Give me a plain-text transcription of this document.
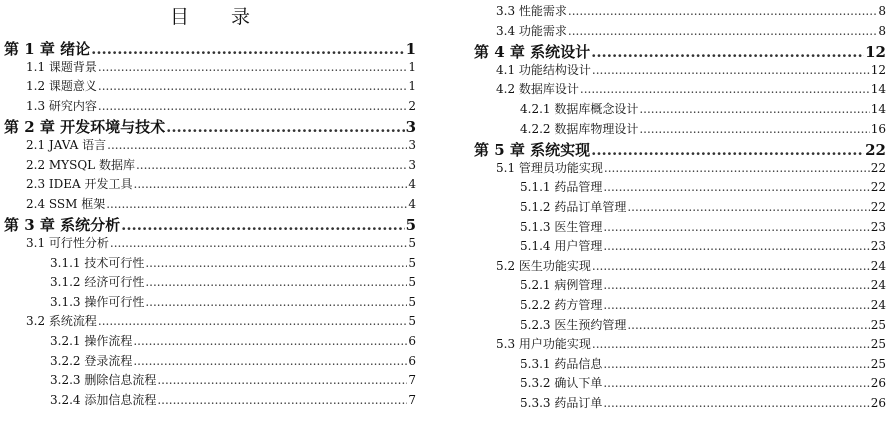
目 录
第 1 章 绪论 .....	1
1.1 课题背景 .....	1
1.2 课题意义 .....	1
1.3 研究内容 .....	2
第 2 章 开发环境与技术 .....	3
2.1 JAVA 语言 .....	3
2.2 MYSQL 数据库 .....	3
2.3 IDEA 开发工具 .....	4
2.4 SSM 框架 .....	4
第 3 章 系统分析 .....	5
3.1 可行性分析 .....	5
3.1.1 技术可行性 .....	5
3.1.2 经济可行性 .....	5
3.1.3 操作可行性 .....	5
3.2 系统流程 .....	5
3.2.1 操作流程 .....	6
3.2.2 登录流程 .....	6
3.2.3 删除信息流程 .....	7
3.2.4 添加信息流程 .....	7
3.3 性能需求 .....	8
3.4 功能需求 .....	8
第 4 章 系统设计 .....	12
4.1 功能结构设计 .....	12
4.2 数据库设计 .....	14
4.2.1 数据库概念设计 .....	14
4.2.2 数据库物理设计 .....	16
第 5 章 系统实现 .....	22
5.1 管理员功能实现 .....	22
5.1.1 药品管理 .....	22
5.1.2 药品订单管理 .....	22
5.1.3 医生管理 .....	23
5.1.4 用户管理 .....	23
5.2 医生功能实现 .....	24
5.2.1 病例管理 .....	24
5.2.2 药方管理 .....	24
5.2.3 医生预约管理 .....	25
5.3 用户功能实现 .....	25
5.3.1 药品信息 .....	25
5.3.2 确认下单 .....	26
5.3.3 药品订单 .....	26
